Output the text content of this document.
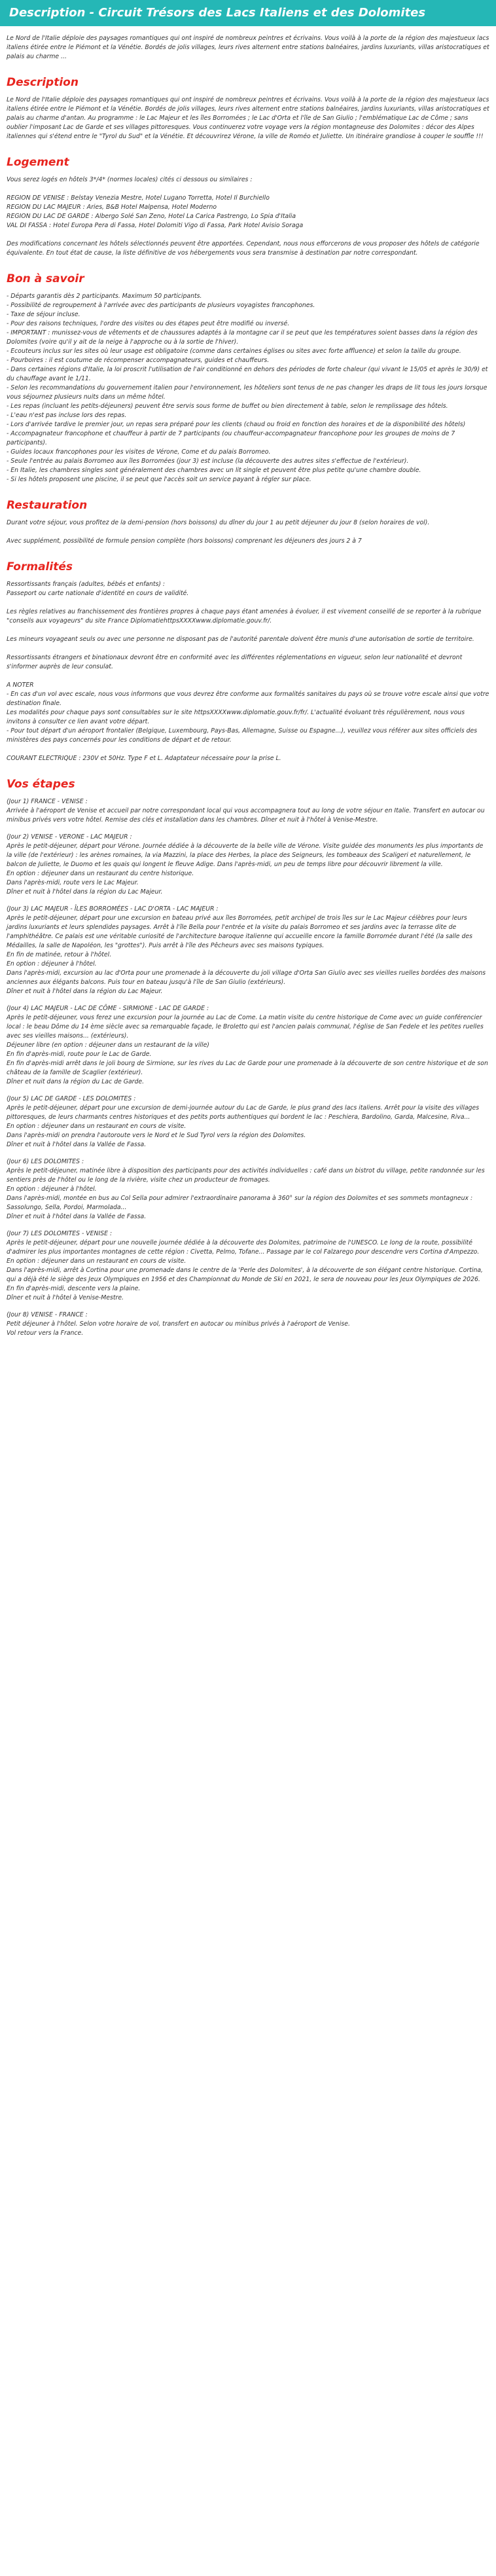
Description - Circuit Trésors des Lacs Italiens et des Dolomites

Le Nord de l'Italie déploie des paysages romantiques qui ont inspiré de nombreux peintres et écrivains. Vous voilà à la porte de la région des majestueux lacs italiens étirée entre le Piémont et la Vénétie. Bordés de jolis villages, leurs rives alternent entre stations balnéaires, jardins luxuriants, villas aristocratiques et palais au charme ...

Description

Le Nord de l'Italie déploie des paysages romantiques qui ont inspiré de nombreux peintres et écrivains. Vous voilà à la porte de la région des majestueux lacs italiens étirée entre le Piémont et la Vénétie. Bordés de jolis villages, leurs rives alternent entre stations balnéaires, jardins luxuriants, villas aristocratiques et palais au charme d'antan. Au programme : le Lac Majeur et les îles Borromées ; le Lac d'Orta et l'île de San Giulio ; l'emblématique Lac de Côme ; sans oublier l'imposant Lac de Garde et ses villages pittoresques. Vous continuerez votre voyage vers la région montagneuse des Dolomites : décor des Alpes italiennes qui s'étend entre le "Tyrol du Sud" et la Vénétie. Et découvrirez Vérone, la ville de Roméo et Juliette. Un itinéraire grandiose à couper le souffle !!!

Logement

Vous serez logés en hôtels 3*/4* (normes locales) cités ci dessous ou similaires :

REGION DE VENISE : Belstay Venezia Mestre, Hotel Lugano Torretta, Hotel Il Burchiello

REGION DU LAC MAJEUR : Aries, B&B Hotel Malpensa, Hotel Moderno

REGION DU LAC DE GARDE : Albergo Solé San Zeno, Hotel La Carica Pastrengo, Lo Spia d'Italia

VAL DI FASSA : Hotel Europa Pera di Fassa, Hotel Dolomiti Vigo di Fassa, Park Hotel Avisio Soraga

Des modifications concernant les hôtels sélectionnés peuvent être apportées. Cependant, nous nous efforcerons de vous proposer des hôtels de catégorie équivalente. En tout état de cause, la liste définitive de vos hébergements vous sera transmise à destination par notre correspondant.

Bon à savoir

- Départs garantis dès 2 participants. Maximum 50 participants.

- Possibilité de regroupement à l'arrivée avec des participants de plusieurs voyagistes francophones.

- Taxe de séjour incluse.

- Pour des raisons techniques, l'ordre des visites ou des étapes peut être modifié ou inversé.

- IMPORTANT : munissez-vous de vêtements et de chaussures adaptés à la montagne car il se peut que les températures soient basses dans la région des Dolomites (voire qu'il y ait de la neige à l'approche ou à la sortie de l'hiver).

- Ecouteurs inclus sur les sites où leur usage est obligatoire (comme dans certaines églises ou sites avec forte affluence) et selon la taille du groupe.

- Pourboires : il est coutume de récompenser accompagnateurs, guides et chauffeurs.

- Dans certaines régions d'Italie, la loi proscrit l'utilisation de l'air conditionné en dehors des périodes de forte chaleur (qui vivant le 15/05 et après le 30/9) et du chauffage avant le 1/11.

- Selon les recommandations du gouvernement italien pour l'environnement, les hôteliers sont tenus de ne pas changer les draps de lit tous les jours lorsque vous séjournez plusieurs nuits dans un même hôtel.

- Les repas (incluant les petits-déjeuners) peuvent être servis sous forme de buffet ou bien directement à table, selon le remplissage des hôtels.

- L'eau n'est pas incluse lors des repas.

- Lors d'arrivée tardive le premier jour, un repas sera préparé pour les clients (chaud ou froid en fonction des horaires et de la disponibilité des hôtels)

- Accompagnateur francophone et chauffeur à partir de 7 participants (ou chauffeur-accompagnateur francophone pour les groupes de moins de 7 participants).

- Guides locaux francophones pour les visites de Vérone, Come et du palais Borromeo.

- Seule l'entrée au palais Borromeo aux îles Borromées (jour 3) est incluse (la découverte des autres sites s'effectue de l'extérieur).

- En Italie, les chambres singles sont généralement des chambres avec un lit single et peuvent être plus petite qu'une chambre double.

- Si les hôtels proposent une piscine, il se peut que l'accès soit un service payant à régler sur place.

Restauration

Durant votre séjour, vous profitez de la demi-pension (hors boissons) du dîner du jour 1 au petit déjeuner du jour 8 (selon horaires de vol).

Avec supplément, possibilité de formule pension complète (hors boissons) comprenant les déjeuners des jours 2 à 7

Formalités

Ressortissants français (adultes, bébés et enfants) :

Passeport ou carte nationale d'identité en cours de validité.

Les règles relatives au franchissement des frontières propres à chaque pays étant amenées à évoluer, il est vivement conseillé de se reporter à la rubrique "conseils aux voyageurs" du site France DiplomatiehttpsXXXXwww.diplomatie.gouv.fr/.

Les mineurs voyageant seuls ou avec une personne ne disposant pas de l'autorité parentale doivent être munis d'une autorisation de sortie de territoire.

Ressortissants étrangers et binationaux devront être en conformité avec les différentes réglementations en vigueur, selon leur nationalité et devront s'informer auprès de leur consulat.

A NOTER

- En cas d'un vol avec escale, nous vous informons que vous devrez être conforme aux formalités sanitaires du pays où se trouve votre escale ainsi que votre destination finale.

Les modalités pour chaque pays sont consultables sur le site httpsXXXXwww.diplomatie.gouv.fr/fr/. L'actualité évoluant très régulièrement, nous vous invitons à consulter ce lien avant votre départ.

- Pour tout départ d'un aéroport frontalier (Belgique, Luxembourg, Pays-Bas, Allemagne, Suisse ou Espagne...), veuillez vous référer aux sites officiels des ministères des pays concernés pour les conditions de départ et de retour.

COURANT ELECTRIQUE : 230V et 50Hz. Type F et L. Adaptateur nécessaire pour la prise L.

Vos étapes

(Jour 1) FRANCE - VENISE :

Arrivée à l'aéroport de Venise et accueil par notre correspondant local qui vous accompagnera tout au long de votre séjour en Italie. Transfert en autocar ou minibus privés vers votre hôtel. Remise des clés et installation dans les chambres. Dîner et nuit à l'hôtel à Venise-Mestre.

(Jour 2) VENISE - VERONE - LAC MAJEUR :

Après le petit-déjeuner, départ pour Vérone. Journée dédiée à la découverte de la belle ville de Vérone. Visite guidée des monuments les plus importants de la ville (de l'extérieur) : les arènes romaines, la via Mazzini, la place des Herbes, la place des Seigneurs, les tombeaux des Scaligeri et naturellement, le balcon de Juliette, le Duomo et les quais qui longent le fleuve Adige. Dans l'après-midi, un peu de temps libre pour découvrir librement la ville.

En option : déjeuner dans un restaurant du centre historique.

Dans l'après-midi, route vers le Lac Majeur.

Dîner et nuit à l'hôtel dans la région du Lac Majeur.

(Jour 3) LAC MAJEUR - ÎLES BORROMÉES - LAC D'ORTA - LAC MAJEUR :

Après le petit-déjeuner, départ pour une excursion en bateau privé aux îles Borromées, petit archipel de trois îles sur le Lac Majeur célèbres pour leurs jardins luxuriants et leurs splendides paysages. Arrêt à l'île Bella pour l'entrée et la visite du palais Borromeo et ses jardins avec la terrasse dite de l'amphithéâtre. Ce palais est une véritable curiosité de l'architecture baroque italienne qui accueille encore la famille Borromée durant l'été (la salle des Médailles, la salle de Napoléon, les "grottes"). Puis arrêt à l'île des Pêcheurs avec ses maisons typiques.

En fin de matinée, retour à l'hôtel.

En option : déjeuner à l'hôtel.

Dans l'après-midi, excursion au lac d'Orta pour une promenade à la découverte du joli village d'Orta San Giulio avec ses vieilles ruelles bordées des maisons anciennes aux élégants balcons. Puis tour en bateau jusqu'à l'île de San Giulio (extérieurs).

Dîner et nuit à l'hôtel dans la région du Lac Majeur.

(Jour 4) LAC MAJEUR - LAC DE CÔME - SIRMIONE - LAC DE GARDE :

Après le petit-déjeuner, vous ferez une excursion pour la journée au Lac de Come. La matin visite du centre historique de Come avec un guide conférencier local : le beau Dôme du 14 ème siècle avec sa remarquable façade, le Broletto qui est l'ancien palais communal, l'église de San Fedele et les petites ruelles avec ses vieilles maisons... (extérieurs).

Déjeuner libre (en option : déjeuner dans un restaurant de la ville)

En fin d'après-midi, route pour le Lac de Garde.

En fin d'après-midi arrêt dans le joli bourg de Sirmione, sur les rives du Lac de Garde pour une promenade à la découverte de son centre historique et de son château de la famille de Scaglier (extérieur).

Dîner et nuit dans la région du Lac de Garde.

(Jour 5) LAC DE GARDE - LES DOLOMITES :

Après le petit-déjeuner, départ pour une excursion de demi-journée autour du Lac de Garde, le plus grand des lacs italiens. Arrêt pour la visite des villages pittoresques, de leurs charmants centres historiques et des petits ports authentiques qui bordent le lac : Peschiera, Bardolino, Garda, Malcesine, Riva...

En option : déjeuner dans un restaurant en cours de visite.

Dans l'après-midi on prendra l'autoroute vers le Nord et le Sud Tyrol vers la région des Dolomites.

Dîner et nuit à l'hôtel dans la Vallée de Fassa.

(Jour 6) LES DOLOMITES :

Après le petit-déjeuner, matinée libre à disposition des participants pour des activités individuelles : café dans un bistrot du village, petite randonnée sur les sentiers près de l'hôtel ou le long de la rivière, visite chez un producteur de fromages.

En option : déjeuner à l'hôtel.

Dans l'après-midi, montée en bus au Col Sella pour admirer l'extraordinaire panorama à 360° sur la région des Dolomites et ses sommets montagneux : Sassolungo, Sella, Pordoi, Marmolada...

Dîner et nuit à l'hôtel dans la Vallée de Fassa.

(Jour 7) LES DOLOMITES - VENISE :

Après le petit-déjeuner, départ pour une nouvelle journée dédiée à la découverte des Dolomites, patrimoine de l'UNESCO. Le long de la route, possibilité d'admirer les plus importantes montagnes de cette région : Civetta, Pelmo, Tofane... Passage par le col Falzarego pour descendre vers Cortina d'Ampezzo.

En option : déjeuner dans un restaurant en cours de visite.

Dans l'après-midi, arrêt à Cortina pour une promenade dans le centre de la 'Perle des Dolomites', à la découverte de son élégant centre historique. Cortina, qui a déjà été le siège des Jeux Olympiques en 1956 et des Championnat du Monde de Ski en 2021, le sera de nouveau pour les Jeux Olympiques de 2026.

En fin d'après-midi, descente vers la plaine.

Dîner et nuit à l'hôtel à Venise-Mestre.

(Jour 8) VENISE - FRANCE :

Petit déjeuner à l'hôtel. Selon votre horaire de vol, transfert en autocar ou minibus privés à l'aéroport de Venise.

Vol retour vers la France.
